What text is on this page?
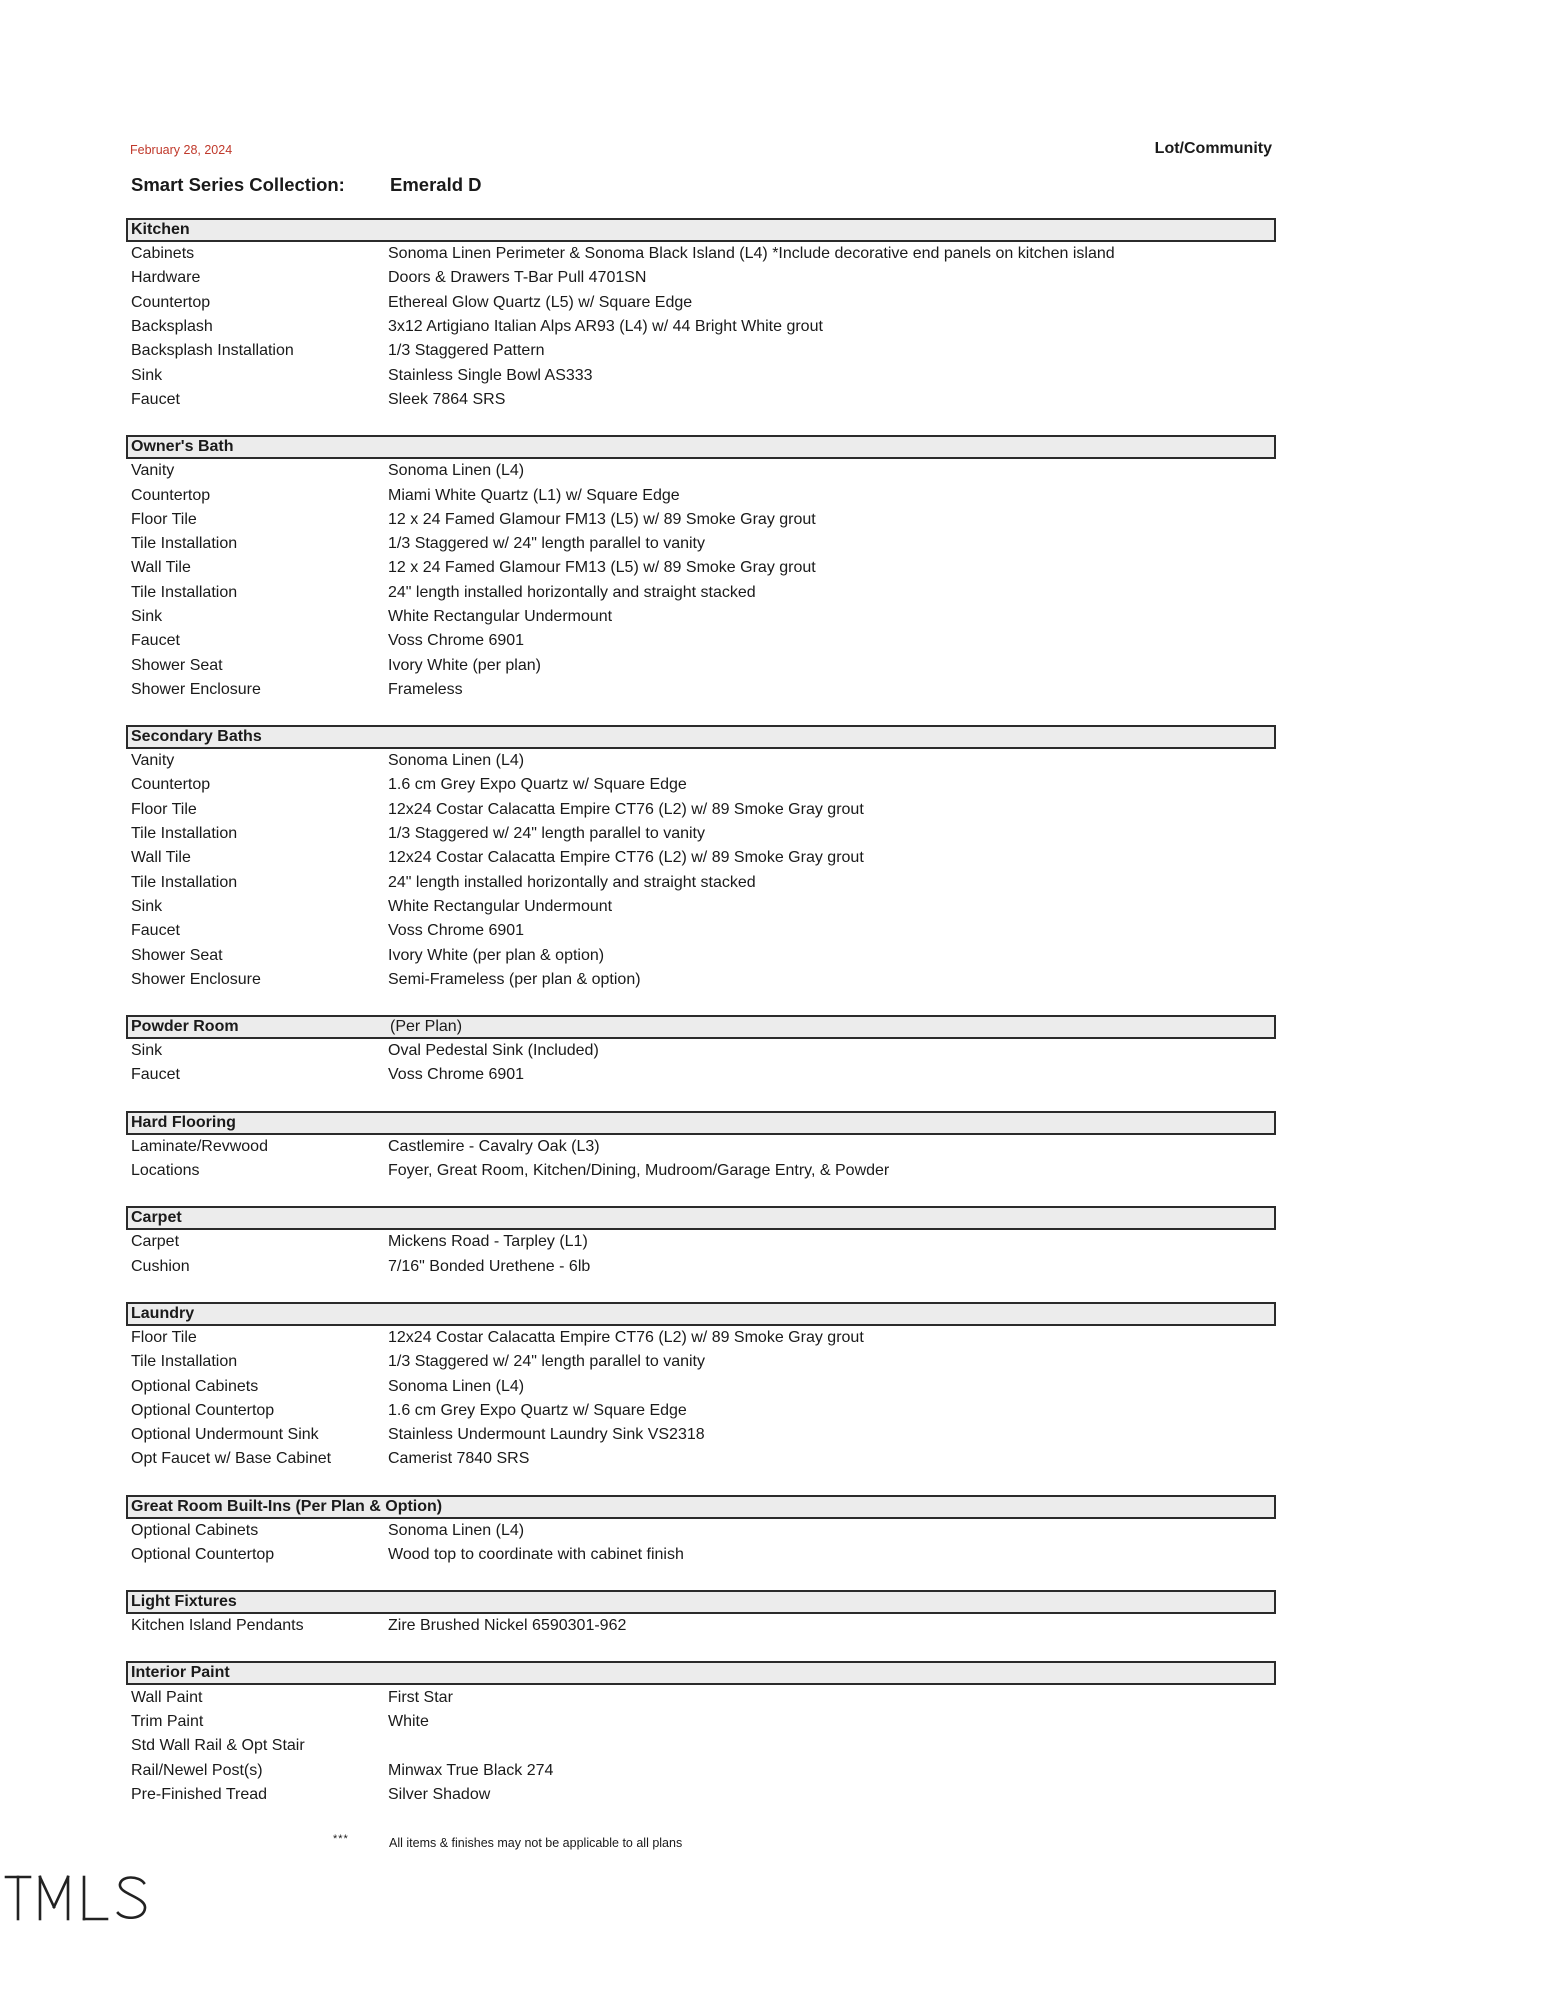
February 28, 2024	Lot/Community
Smart Series Collection: Emerald D
Kitchen
Cabinets	Sonoma Linen Perimeter & Sonoma Black Island (L4) *Include decorative end panels on kitchen island
Hardware	Doors & Drawers T-Bar Pull 4701SN
Countertop	Ethereal Glow Quartz (L5) w/ Square Edge
Backsplash	3x12 Artigiano Italian Alps AR93 (L4) w/ 44 Bright White grout
Backsplash Installation	1/3 Staggered Pattern
Sink	Stainless Single Bowl AS333
Faucet	Sleek 7864 SRS
Owner's Bath
Vanity	Sonoma Linen (L4)
Countertop	Miami White Quartz (L1) w/ Square Edge
Floor Tile	12 x 24 Famed Glamour FM13 (L5) w/ 89 Smoke Gray grout
Tile Installation	1/3 Staggered w/ 24" length parallel to vanity
Wall Tile	12 x 24 Famed Glamour FM13 (L5) w/ 89 Smoke Gray grout
Tile Installation	24" length installed horizontally and straight stacked
Sink	White Rectangular Undermount
Faucet	Voss Chrome 6901
Shower Seat	Ivory White (per plan)
Shower Enclosure	Frameless
Secondary Baths
Vanity	Sonoma Linen (L4)
Countertop	1.6 cm Grey Expo Quartz w/ Square Edge
Floor Tile	12x24 Costar Calacatta Empire CT76 (L2) w/ 89 Smoke Gray grout
Tile Installation	1/3 Staggered w/ 24" length parallel to vanity
Wall Tile	12x24 Costar Calacatta Empire CT76 (L2) w/ 89 Smoke Gray grout
Tile Installation	24" length installed horizontally and straight stacked
Sink	White Rectangular Undermount
Faucet	Voss Chrome 6901
Shower Seat	Ivory White (per plan & option)
Shower Enclosure	Semi-Frameless (per plan & option)
Powder Room	(Per Plan)
Sink	Oval Pedestal Sink (Included)
Faucet	Voss Chrome 6901
Hard Flooring
Laminate/Revwood	Castlemire - Cavalry Oak (L3)
Locations	Foyer, Great Room, Kitchen/Dining, Mudroom/Garage Entry, & Powder
Carpet
Carpet	Mickens Road - Tarpley (L1)
Cushion	7/16" Bonded Urethene - 6lb
Laundry
Floor Tile	12x24 Costar Calacatta Empire CT76 (L2) w/ 89 Smoke Gray grout
Tile Installation	1/3 Staggered w/ 24" length parallel to vanity
Optional Cabinets	Sonoma Linen (L4)
Optional Countertop	1.6 cm Grey Expo Quartz w/ Square Edge
Optional Undermount Sink	Stainless Undermount Laundry Sink VS2318
Opt Faucet w/ Base Cabinet	Camerist 7840 SRS
Great Room Built-Ins (Per Plan & Option)
Optional Cabinets	Sonoma Linen (L4)
Optional Countertop	Wood top to coordinate with cabinet finish
Light Fixtures
Kitchen Island Pendants	Zire Brushed Nickel 6590301-962
Interior Paint
Wall Paint	First Star
Trim Paint	White
Std Wall Rail & Opt Stair
Rail/Newel Post(s)	Minwax True Black 274
Pre-Finished Tread	Silver Shadow
***	All items & finishes may not be applicable to all plans
